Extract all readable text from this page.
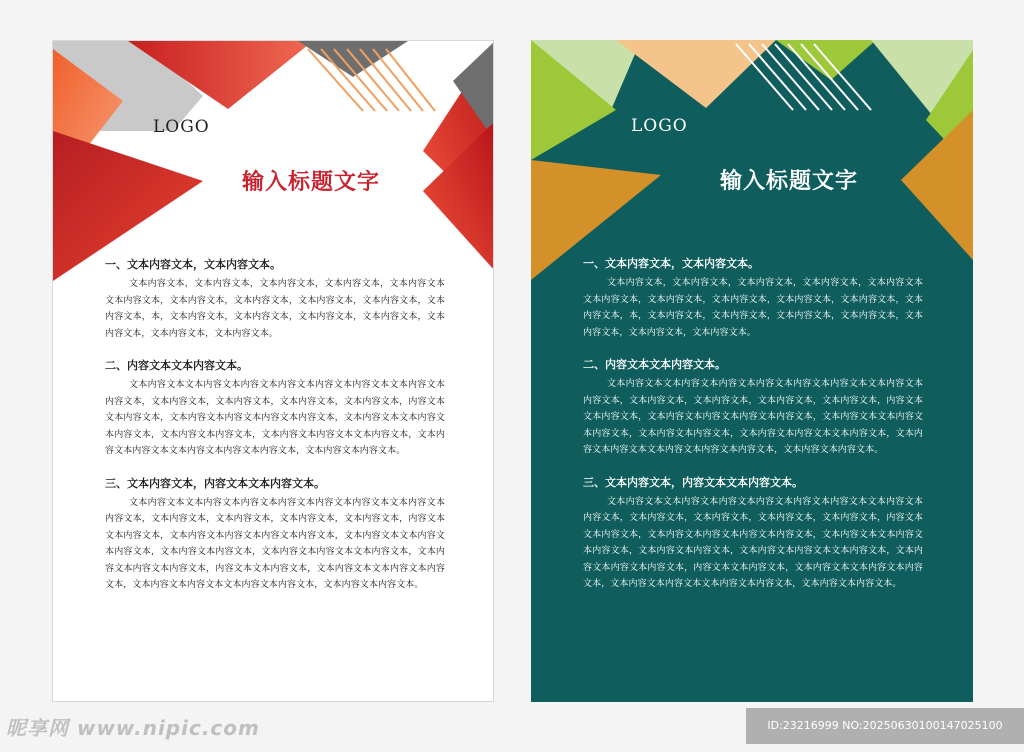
LOGO
输入标题文字
一、文本内容文本，文本内容文本。

文本内容文本，文本内容文本，文本内容文本，文本内容文本，文本内容文本文本内容文本，文本内容文本，文本内容文本，文本内容文本，文本内容文本，文本内容文本，本，文本内容文本，文本内容文本，文本内容文本，文本内容文本，文本内容文本，文本内容文本，文本内容文本。

二、内容文本文本内容文本。

文本内容文本文本内容文本内容文本内容文本内容文本内容文本文本内容文本内容文本，文本内容文本，文本内容文本，文本内容文本，文本内容文本，内容文本文本内容文本，文本内容文本内容文本内容文本内容文本，文本内容文本文本内容文本内容文本，文本内容文本内容文本，文本内容文本内容文本文本内容文本，文本内容文本内容文本文本内容文本内容文本内容文本，文本内容文本内容文本。

三、文本内容文本，内容文本文本内容文本。

文本内容文本文本内容文本内容文本内容文本内容文本内容文本文本内容文本内容文本，文本内容文本，文本内容文本，文本内容文本，文本内容文本，内容文本文本内容文本，文本内容文本内容文本内容文本内容文本，文本内容文本文本内容文本内容文本，文本内容文本内容文本，文本内容文本内容文本文本内容文本，文本内容文本内容文本内容文本，内容文本文本内容文本，文本内容文本文本内容文本内容文本，文本内容文本内容文本文本内容文本内容文本，文本内容文本内容文本。

LOGO
输入标题文字
一、文本内容文本，文本内容文本。

文本内容文本，文本内容文本，文本内容文本，文本内容文本，文本内容文本文本内容文本，文本内容文本，文本内容文本，文本内容文本，文本内容文本，文本内容文本，本，文本内容文本，文本内容文本，文本内容文本，文本内容文本，文本内容文本，文本内容文本，文本内容文本。

二、内容文本文本内容文本。

文本内容文本文本内容文本内容文本内容文本内容文本内容文本文本内容文本内容文本，文本内容文本，文本内容文本，文本内容文本，文本内容文本，内容文本文本内容文本，文本内容文本内容文本内容文本内容文本，文本内容文本文本内容文本内容文本，文本内容文本内容文本，文本内容文本内容文本文本内容文本，文本内容文本内容文本文本内容文本内容文本内容文本，文本内容文本内容文本。

三、文本内容文本，内容文本文本内容文本。

文本内容文本文本内容文本内容文本内容文本内容文本内容文本文本内容文本内容文本，文本内容文本，文本内容文本，文本内容文本，文本内容文本，内容文本文本内容文本，文本内容文本内容文本内容文本内容文本，文本内容文本文本内容文本内容文本，文本内容文本内容文本，文本内容文本内容文本文本内容文本，文本内容文本内容文本内容文本，内容文本文本内容文本，文本内容文本文本内容文本内容文本，文本内容文本内容文本文本内容文本内容文本，文本内容文本内容文本。

昵享网 www.nipic.com	ID:23216999 NO:20250630100147025100
